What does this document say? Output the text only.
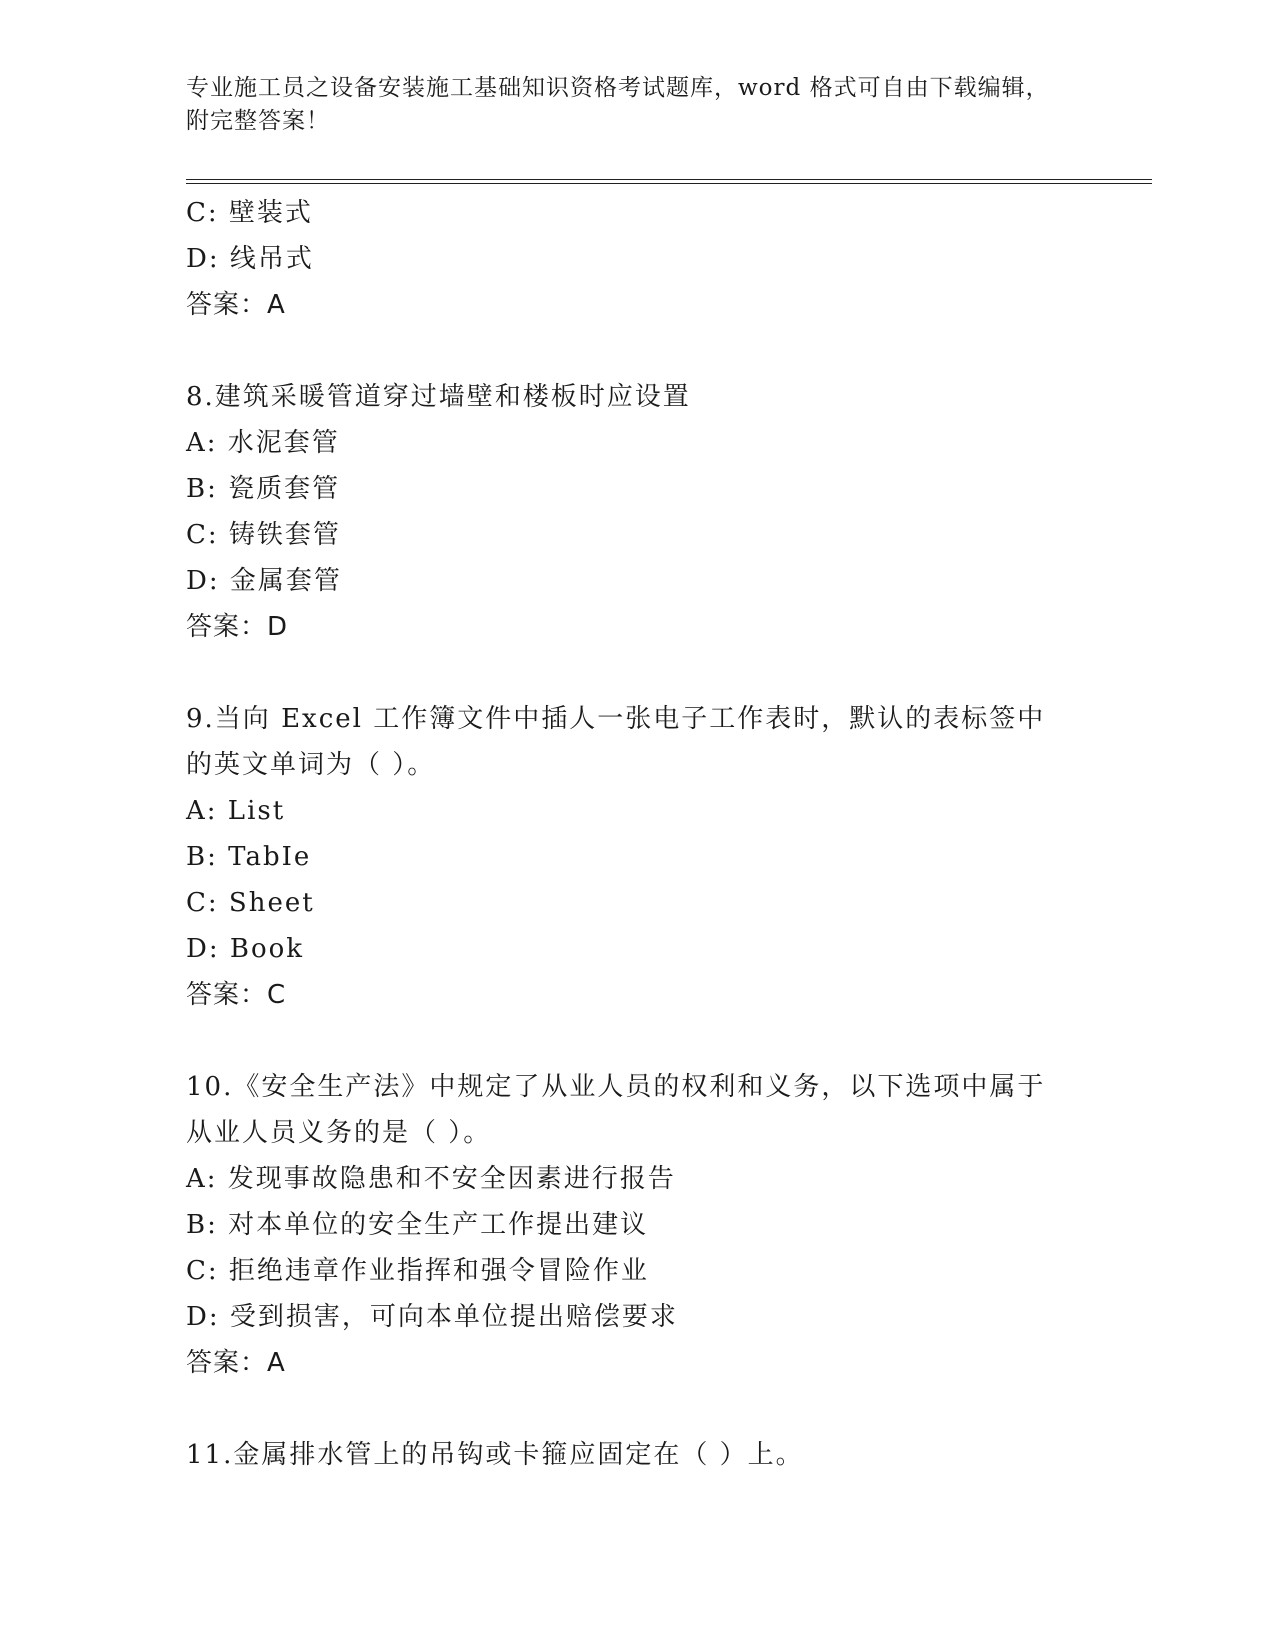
专业施工员之设备安装施工基础知识资格考试题库，word 格式可自由下载编辑，
附完整答案！
C: 壁装式
D: 线吊式
答案：A
8.建筑采暖管道穿过墙壁和楼板时应设置
A: 水泥套管
B: 瓷质套管
C: 铸铁套管
D: 金属套管
答案：D
9.当向 Excel 工作簿文件中插人一张电子工作表时，默认的表标签中
的英文单词为（ ）。
A: List
B: TabIe
C: Sheet
D: Book
答案：C
10.《安全生产法》中规定了从业人员的权利和义务，以下选项中属于
从业人员义务的是（ ）。
A: 发现事故隐患和不安全因素进行报告
B: 对本单位的安全生产工作提出建议
C: 拒绝违章作业指挥和强令冒险作业
D: 受到损害，可向本单位提出赔偿要求
答案：A
11.金属排水管上的吊钩或卡箍应固定在（ ）上。
